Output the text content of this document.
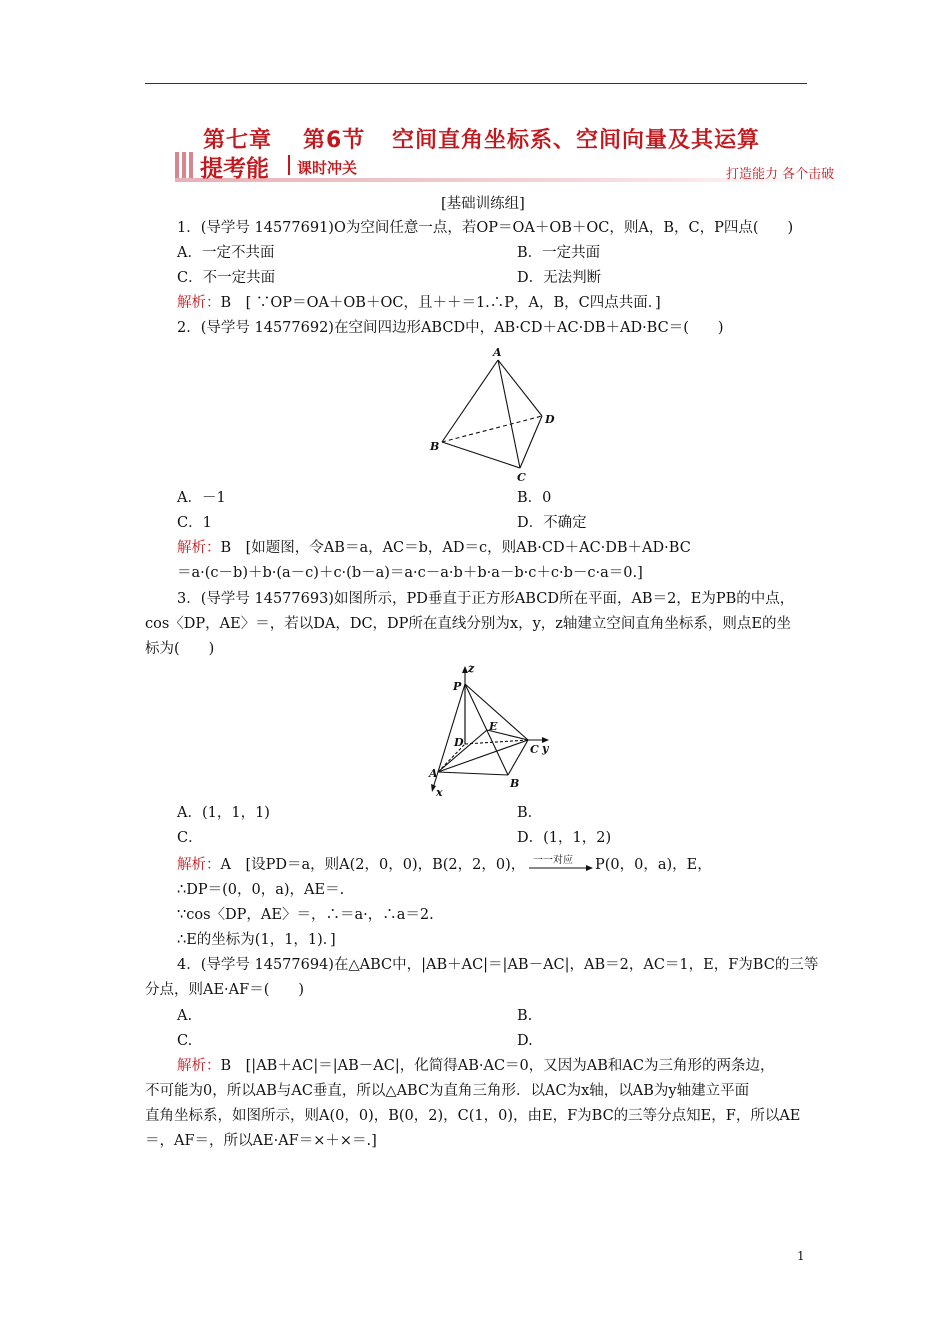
第七章 第6节 空间直角坐标系、空间向量及其运算
提考能 课时冲关	打造能力 各个击破
[基础训练组]
1．(导学号 14577691)O为空间任意一点，若OP＝OA＋OB＋OC，则A，B，C，P四点(　　)
A．一定不共面	B．一定共面
C．不一定共面	D．无法判断
解析：B　[ ∵OP＝OA＋OB＋OC，且＋＋＝1.∴P，A，B，C四点共面．]
2．(导学号 14577692)在空间四边形ABCD中，AB·CD＋AC·DB＋AD·BC＝(　　)
A
B
C
D
A．－1	B．0
C．1	D．不确定
解析：B　[如题图，令AB＝a，AC＝b，AD＝c，则AB·CD＋AC·DB＋AD·BC
＝a·(c－b)＋b·(a－c)＋c·(b－a)＝a·c－a·b＋b·a－b·c＋c·b－c·a＝0.]
3．(导学号 14577693)如图所示，PD垂直于正方形ABCD所在平面，AB＝2，E为PB的中点，
cos〈DP，AE〉＝，若以DA，DC，DP所在直线分别为x，y，z轴建立空间直角坐标系，则点E的坐
标为(　　)
z
P
E
D
C y
A
B
x
A．(1，1，1)	B．
C．	D．(1，1，2)
解析：A　[设PD＝a，则A(2，0，0)，B(2，2，0)， 一一对应 P(0，0，a)，E，
∴DP＝(0，0，a)，AE＝.
∵cos〈DP，AE〉＝，∴＝a·，∴a＝2.
∴E的坐标为(1，1，1)．]
4．(导学号 14577694)在△ABC中，|AB＋AC|＝|AB－AC|，AB＝2，AC＝1，E，F为BC的三等
分点，则AE·AF＝(　　)
A.	B.
C.	D.
解析：B　[|AB＋AC|＝|AB－AC|，化简得AB·AC＝0，又因为AB和AC为三角形的两条边，
不可能为0，所以AB与AC垂直，所以△ABC为直角三角形．以AC为x轴，以AB为y轴建立平面
直角坐标系，如图所示，则A(0，0)，B(0，2)，C(1，0)，由E，F为BC的三等分点知E，F，所以AE
＝，AF＝，所以AE·AF＝×＋×＝.]
1
